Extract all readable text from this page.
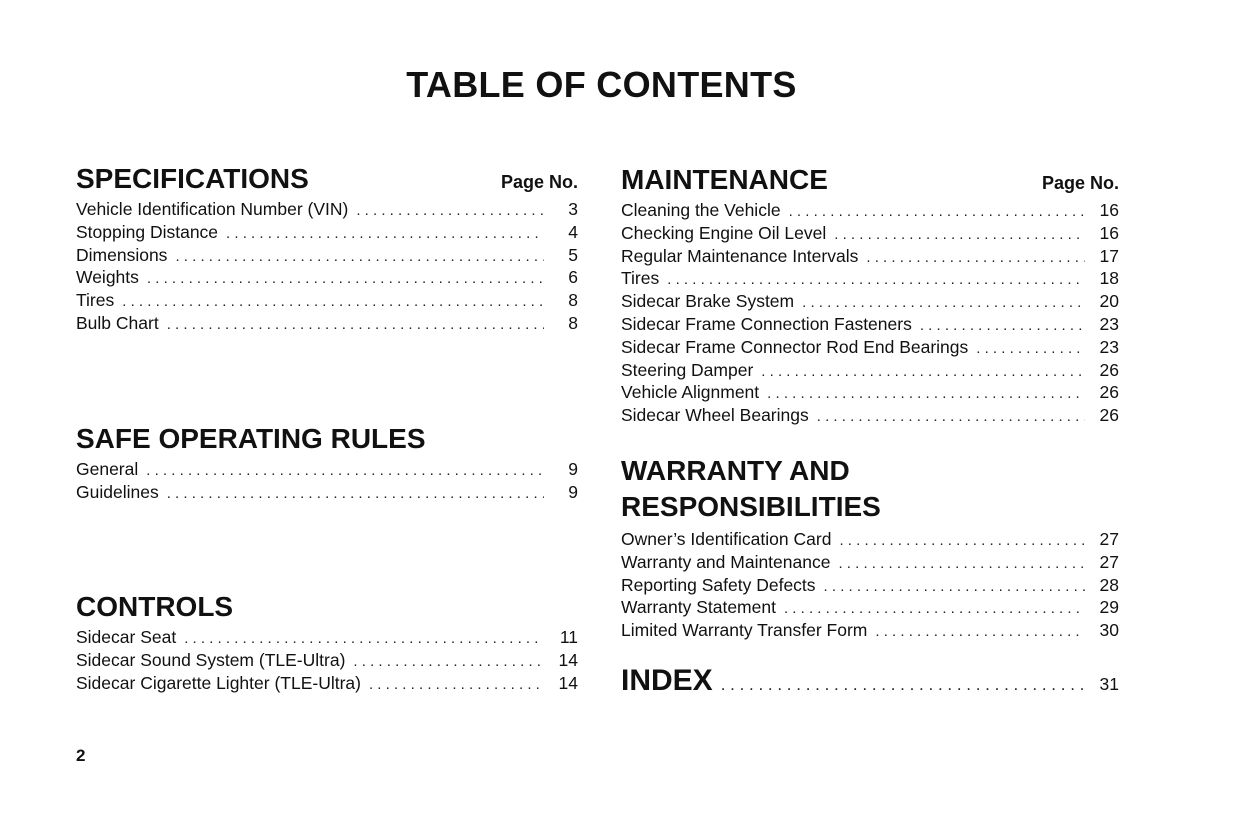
TABLE OF CONTENTS
SPECIFICATIONS	Page No.
Vehicle Identification Number (VIN) . . .	3
Stopping Distance . . .	4
Dimensions . . .	5
Weights . . .	6
Tires . . .	8
Bulb Chart . . .	8
SAFE OPERATING RULES
General . . .	9
Guidelines . . .	9
CONTROLS
Sidecar Seat . . .	11
Sidecar Sound System (TLE-Ultra) . . .	14
Sidecar Cigarette Lighter (TLE-Ultra) . . .	14
MAINTENANCE	Page No.
Cleaning the Vehicle . . .	16
Checking Engine Oil Level . . .	16
Regular Maintenance Intervals . . .	17
Tires . . .	18
Sidecar Brake System . . .	20
Sidecar Frame Connection Fasteners . . .	23
Sidecar Frame Connector Rod End Bearings . . .	23
Steering Damper . . .	26
Vehicle Alignment . . .	26
Sidecar Wheel Bearings . . .	26
WARRANTY AND
RESPONSIBILITIES
Owner’s Identification Card . . .	27
Warranty and Maintenance . . .	27
Reporting Safety Defects . . .	28
Warranty Statement . . .	29
Limited Warranty Transfer Form . . .	30
INDEX . . .	31
2
